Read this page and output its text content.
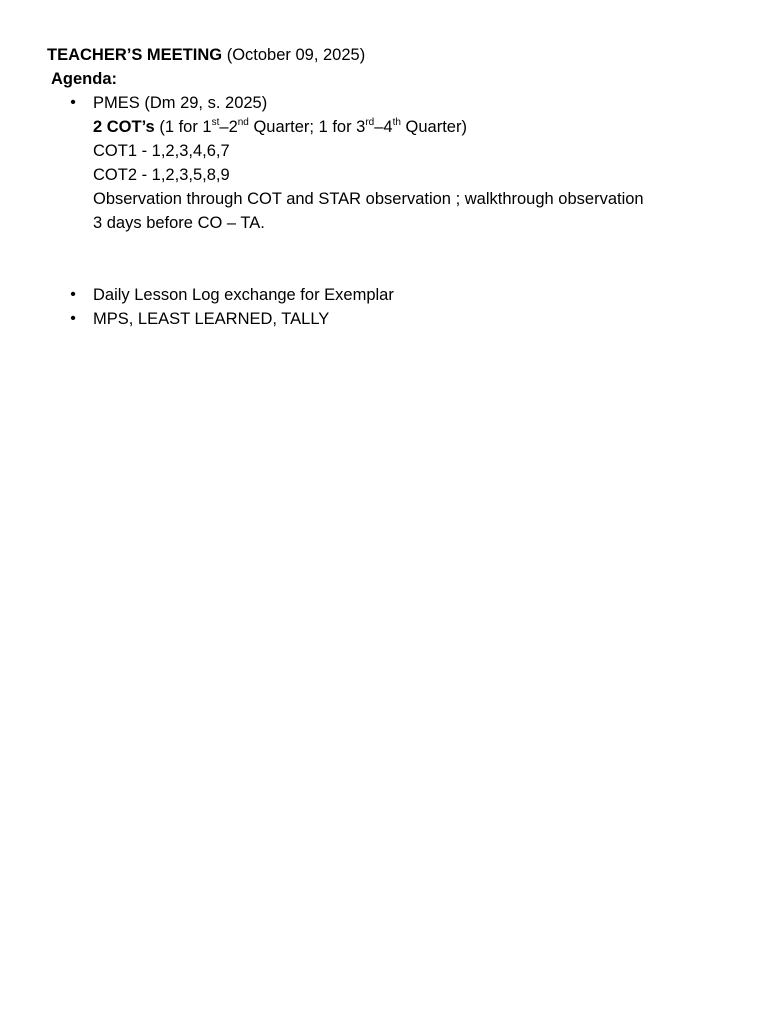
TEACHER’S MEETING (October 09, 2025)
Agenda:
• PMES (Dm 29, s. 2025)
2 COT’s (1 for 1st–2nd Quarter; 1 for 3rd–4th Quarter)
COT1 - 1,2,3,4,6,7
COT2 - 1,2,3,5,8,9
Observation through COT and STAR observation ; walkthrough observation
3 days before CO – TA.
• Daily Lesson Log exchange for Exemplar
• MPS, LEAST LEARNED, TALLY
